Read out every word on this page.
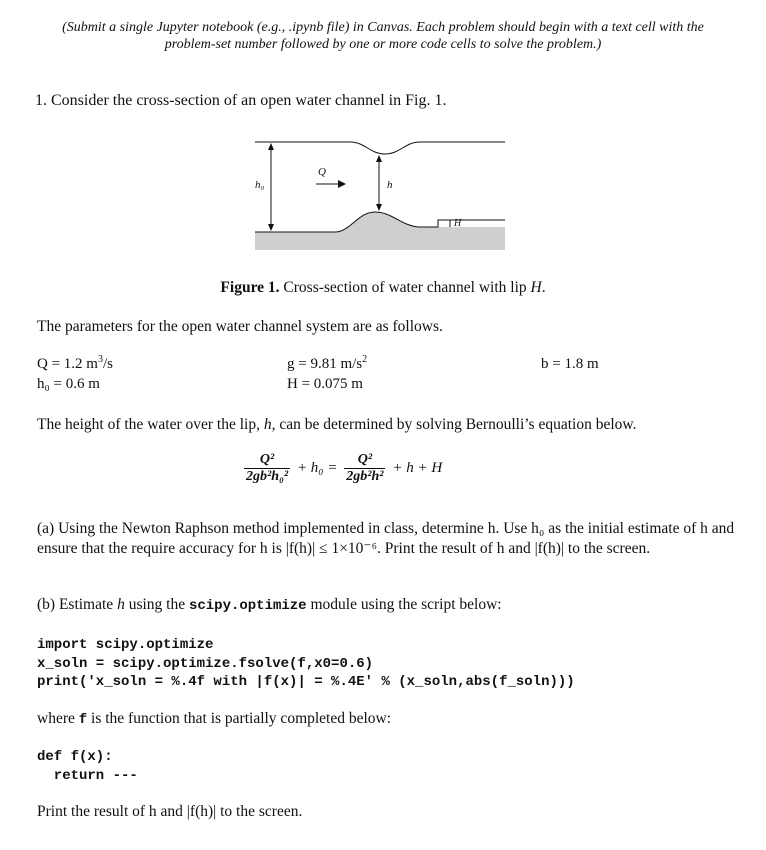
(Submit a single Jupyter notebook (e.g., .ipynb file) in Canvas. Each problem should begin with a text cell with the
problem-set number followed by one or more code cells to solve the problem.)
1. Consider the cross-section of an open water channel in Fig. 1.
h₀
Q
h
H
Figure 1. Cross-section of water channel with lip H.
The parameters for the open water channel system are as follows.
Q = 1.2 $m^3/s$
h₀ = 0.6 m
g = 9.81 $m/s^2$
H = 0.075 m
b = 1.8 m
The height of the water over the lip, h, can be determined by solving Bernoulli’s equation below.
$\frac{\text{Q²}}{\text{2gb²h₀²}} + h_0 = \frac{\text{Q²}}{\text{2gb²h²}} + h + H$
(a) Using the Newton Raphson method implemented in class, determine h. Use h₀ as the initial estimate of h and ensure that the require accuracy for h is |f(h)| ≤ 1×10⁻⁶. Print the result of h and |f(h)| to the screen.
(b) Estimate h using the scipy.optimize module using the script below:
import scipy.optimize
x_soln = scipy.optimize.fsolve(f,x0=0.6)
print('x_soln = %.4f with |f(x)| = %.4E' % (x_soln,abs(f_soln)))
where f is the function that is partially completed below:
def f(x):
return ---
Print the result of h and |f(h)| to the screen.
